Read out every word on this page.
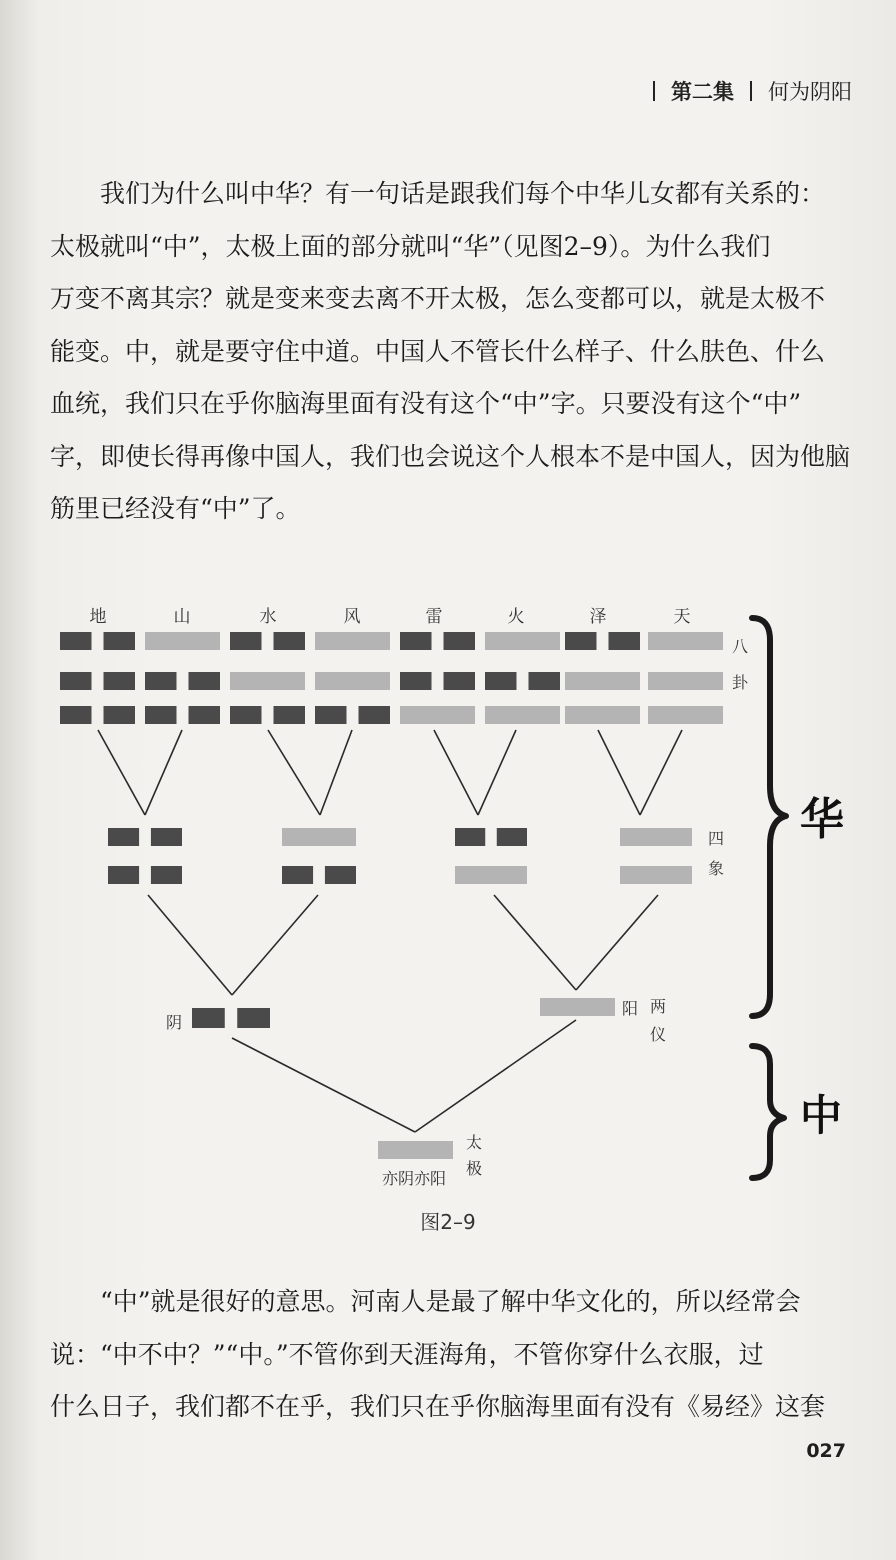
第二集 何为阴阳

我们为什么叫中华？有一句话是跟我们每个中华儿女都有关系的：

太极就叫“中”，太极上面的部分就叫“华”（见图2–9）。为什么我们

万变不离其宗？就是变来变去离不开太极，怎么变都可以，就是太极不

能变。中，就是要守住中道。中国人不管长什么样子、什么肤色、什么

血统，我们只在乎你脑海里面有没有这个“中”字。只要没有这个“中”

字，即使长得再像中国人，我们也会说这个人根本不是中国人，因为他脑

筋里已经没有“中”了。

地	山	水	风	雷	火	泽	天
八
卦
四
象
两
仪
阴
阳
太
极
亦阴亦阳
华
中
图2–9

“中”就是很好的意思。河南人是最了解中华文化的，所以经常会

说：“中不中？”“中。”不管你到天涯海角，不管你穿什么衣服，过

什么日子，我们都不在乎，我们只在乎你脑海里面有没有《易经》这套

027
